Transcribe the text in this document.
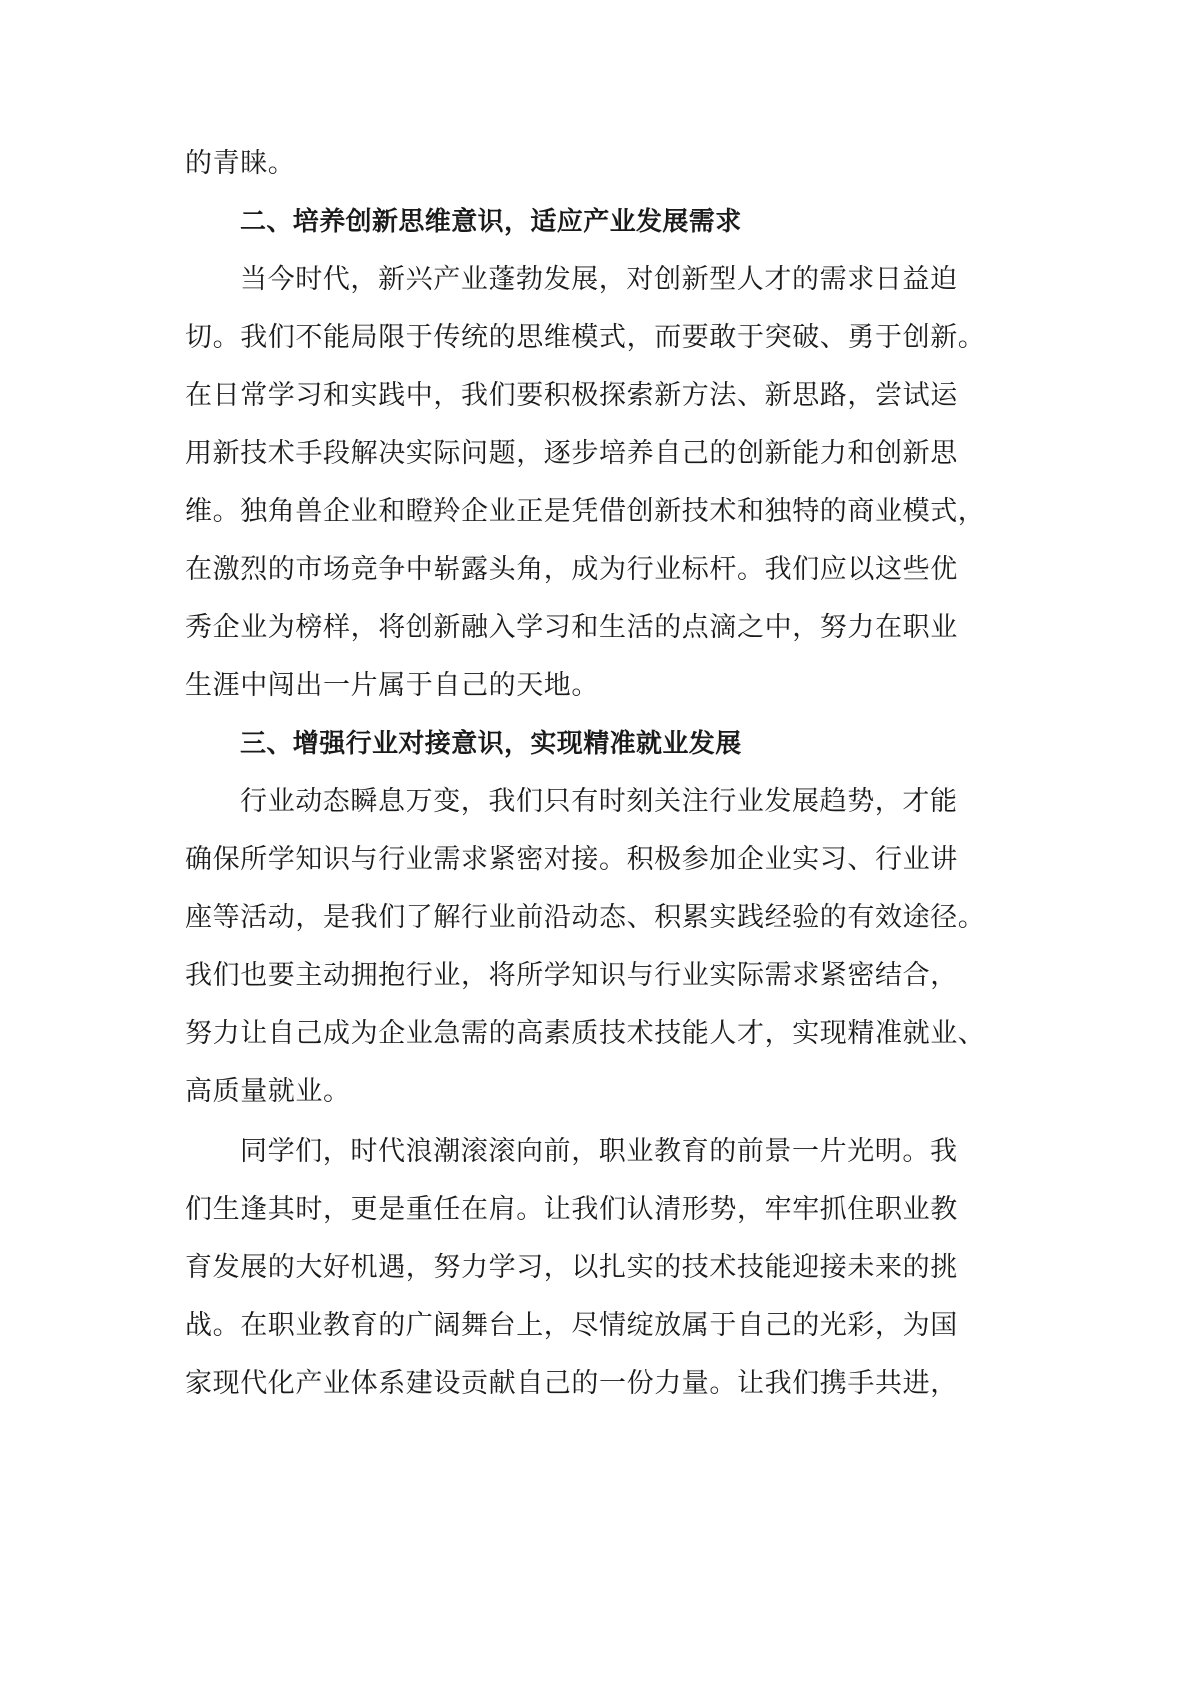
的青睐。
二、培养创新思维意识，适应产业发展需求
当今时代，新兴产业蓬勃发展，对创新型人才的需求日益迫
切。我们不能局限于传统的思维模式，而要敢于突破、勇于创新。
在日常学习和实践中，我们要积极探索新方法、新思路，尝试运
用新技术手段解决实际问题，逐步培养自己的创新能力和创新思
维。独角兽企业和瞪羚企业正是凭借创新技术和独特的商业模式，
在激烈的市场竞争中崭露头角，成为行业标杆。我们应以这些优
秀企业为榜样，将创新融入学习和生活的点滴之中，努力在职业
生涯中闯出一片属于自己的天地。
三、增强行业对接意识，实现精准就业发展
行业动态瞬息万变，我们只有时刻关注行业发展趋势，才能
确保所学知识与行业需求紧密对接。积极参加企业实习、行业讲
座等活动，是我们了解行业前沿动态、积累实践经验的有效途径。
我们也要主动拥抱行业，将所学知识与行业实际需求紧密结合，
努力让自己成为企业急需的高素质技术技能人才，实现精准就业、
高质量就业。
同学们，时代浪潮滚滚向前，职业教育的前景一片光明。我
们生逢其时，更是重任在肩。让我们认清形势，牢牢抓住职业教
育发展的大好机遇，努力学习，以扎实的技术技能迎接未来的挑
战。在职业教育的广阔舞台上，尽情绽放属于自己的光彩，为国
家现代化产业体系建设贡献自己的一份力量。让我们携手共进，
